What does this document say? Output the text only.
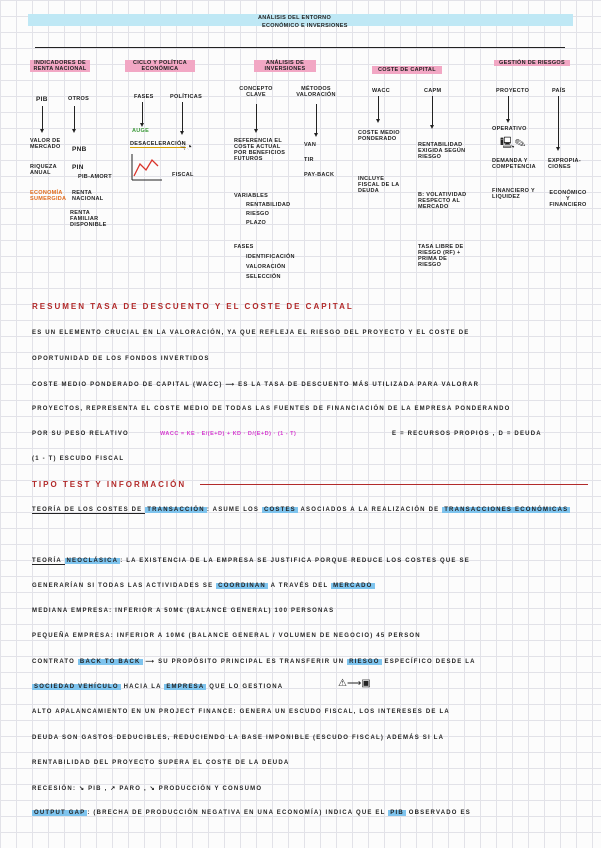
ANÁLISIS DEL ENTORNO
ECONÓMICO E INVERSIONES
INDICADORES DE RENTA NACIONAL
PIB	OTROS
VALOR DE MERCADO
RIQUEZA ANUAL
ECONOMÍA SUMERGIDA
PNB
PIN
PIB-AMORT
RENTA NACIONAL
RENTA FAMILIAR DISPONIBLE
CICLO Y POLÍTICA ECONÓMICA
FASES	POLÍTICAS
AUGE
DESACELERACIÓN
☟◔
FISCAL
ANÁLISIS DE INVERSIONES
CONCEPTO CLAVE
MÉTODOS VALORACIÓN
REFERENCIA EL COSTE ACTUAL POR BENEFICIOS FUTUROS
VARIABLES
RENTABILIDAD
RIESGO
PLAZO
FASES
IDENTIFICACIÓN
VALORACIÓN
SELECCIÓN
VAN
TIR
PAY-BACK
COSTE DE CAPITAL
WACC	CAPM
COSTE MEDIO PONDERADO
INCLUYE FISCAL DE LA DEUDA
RENTABILIDAD EXIGIDA SEGÚN RIESGO
Β: VOLATIVIDAD RESPECTO AL MERCADO
TASA LIBRE DE RIESGO (RF) + PRIMA DE RIESGO
GESTIÓN DE RIESGOS
PROYECTO	PAÍS
OPERATIVO
🖳✎
DEMANDA Y COMPETENCIA
FINANCIERO Y LIQUIDEZ
EXPROPIA-CIONES
ECONÓMICO Y FINANCIERO
RESUMEN TASA DE DESCUENTO Y EL COSTE DE CAPITAL
ES UN ELEMENTO CRUCIAL EN LA VALORACIÓN, YA QUE REFLEJA EL RIESGO DEL PROYECTO Y EL COSTE DE
OPORTUNIDAD DE LOS FONDOS INVERTIDOS
COSTE MEDIO PONDERADO DE CAPITAL (WACC) ⟶ ES LA TASA DE DESCUENTO MÁS UTILIZADA PARA VALORAR
PROYECTOS, REPRESENTA EL COSTE MEDIO DE TODAS LAS FUENTES DE FINANCIACIÓN DE LA EMPRESA PONDERANDO
POR SU PESO RELATIVO	WACC = KE · E/(E+D) + KD · D/(E+D) · (1 - T)	E = RECURSOS PROPIOS , D = DEUDA
(1 - T) ESCUDO FISCAL
TIPO TEST Y INFORMACIÓN
TEORÍA DE LOS COSTES DE TRANSACCIÓN : ASUME LOS COSTES ASOCIADOS A LA REALIZACIÓN DE TRANSACCIONES ECONÓMICAS
TEORÍA NEOCLÁSICA : LA EXISTENCIA DE LA EMPRESA SE JUSTIFICA PORQUE REDUCE LOS COSTES QUE SE
GENERARÍAN SI TODAS LAS ACTIVIDADES SE COORDINAN A TRAVÉS DEL MERCADO
MEDIANA EMPRESA: INFERIOR A 50M€ (BALANCE GENERAL) 100 PERSONAS
PEQUEÑA EMPRESA: INFERIOR A 10M€ (BALANCE GENERAL / VOLUMEN DE NEGOCIO) 45 PERSON
CONTRATO BACK TO BACK ⟶ SU PROPÓSITO PRINCIPAL ES TRANSFERIR UN RIESGO ESPECÍFICO DESDE LA
SOCIEDAD VEHÍCULO HACIA LA EMPRESA QUE LO GESTIONA	⚠⟶▣
ALTO APALANCAMIENTO EN UN PROJECT FINANCE: GENERA UN ESCUDO FISCAL, LOS INTERESES DE LA
DEUDA SON GASTOS DEDUCIBLES, REDUCIENDO LA BASE IMPONIBLE (ESCUDO FISCAL) ADEMÁS SI LA
RENTABILIDAD DEL PROYECTO SUPERA EL COSTE DE LA DEUDA
RECESIÓN: ↘ PIB , ↗ PARO , ↘ PRODUCCIÓN Y CONSUMO
OUTPUT GAP : (BRECHA DE PRODUCCIÓN NEGATIVA EN UNA ECONOMÍA) INDICA QUE EL PIB OBSERVADO ES
